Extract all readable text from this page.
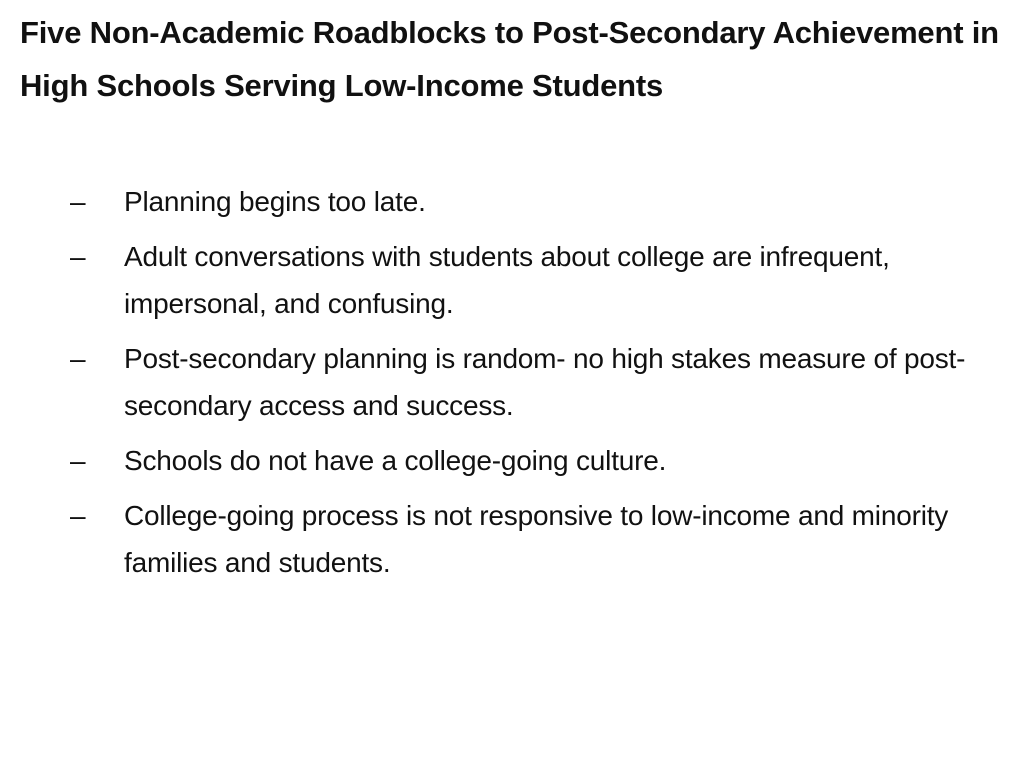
Five Non-Academic Roadblocks to Post-Secondary Achievement in High Schools Serving Low-Income Students
–	Planning begins too late.
–	Adult conversations with students about college are infrequent, impersonal, and confusing.
–	Post-secondary planning is random- no high stakes measure of post-secondary access and success.
–	Schools do not have a college-going culture.
–	College-going process is not responsive to low-income and minority families and students.
